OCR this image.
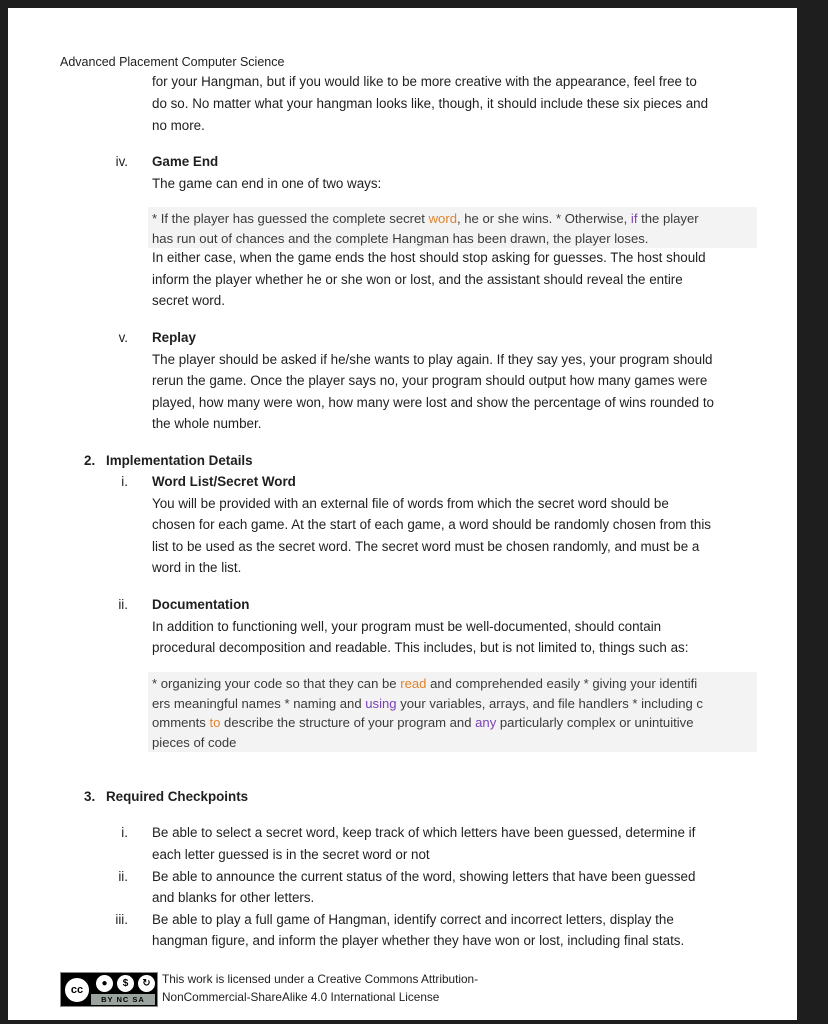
Advanced Placement Computer Science
for your Hangman, but if you would like to be more creative with the appearance, feel free to
do so. No matter what your hangman looks like, though, it should include these six pieces and
no more.
iv. Game End
The game can end in one of two ways:
* If the player has guessed the complete secret word, he or she wins. * Otherwise, if the player
has run out of chances and the complete Hangman has been drawn, the player loses.
In either case, when the game ends the host should stop asking for guesses. The host should
inform the player whether he or she won or lost, and the assistant should reveal the entire
secret word.
v. Replay
The player should be asked if he/she wants to play again. If they say yes, your program should
rerun the game. Once the player says no, your program should output how many games were
played, how many were won, how many were lost and show the percentage of wins rounded to
the whole number.
2. Implementation Details
i. Word List/Secret Word
You will be provided with an external file of words from which the secret word should be
chosen for each game. At the start of each game, a word should be randomly chosen from this
list to be used as the secret word. The secret word must be chosen randomly, and must be a
word in the list.
ii. Documentation
In addition to functioning well, your program must be well-documented, should contain
procedural decomposition and readable. This includes, but is not limited to, things such as:
* organizing your code so that they can be read and comprehended easily * giving your identifi
ers meaningful names * naming and using your variables, arrays, and file handlers * including c
omments to describe the structure of your program and any particularly complex or unintuitive
pieces of code
3. Required Checkpoints
i. Be able to select a secret word, keep track of which letters have been guessed, determine if
each letter guessed is in the secret word or not
ii. Be able to announce the current status of the word, showing letters that have been guessed
and blanks for other letters.
iii. Be able to play a full game of Hangman, identify correct and incorrect letters, display the
hangman figure, and inform the player whether they have won or lost, including final stats.
cc
●	$	↻
BY NC SA
This work is licensed under a Creative Commons Attribution-
NonCommercial-ShareAlike 4.0 International License
